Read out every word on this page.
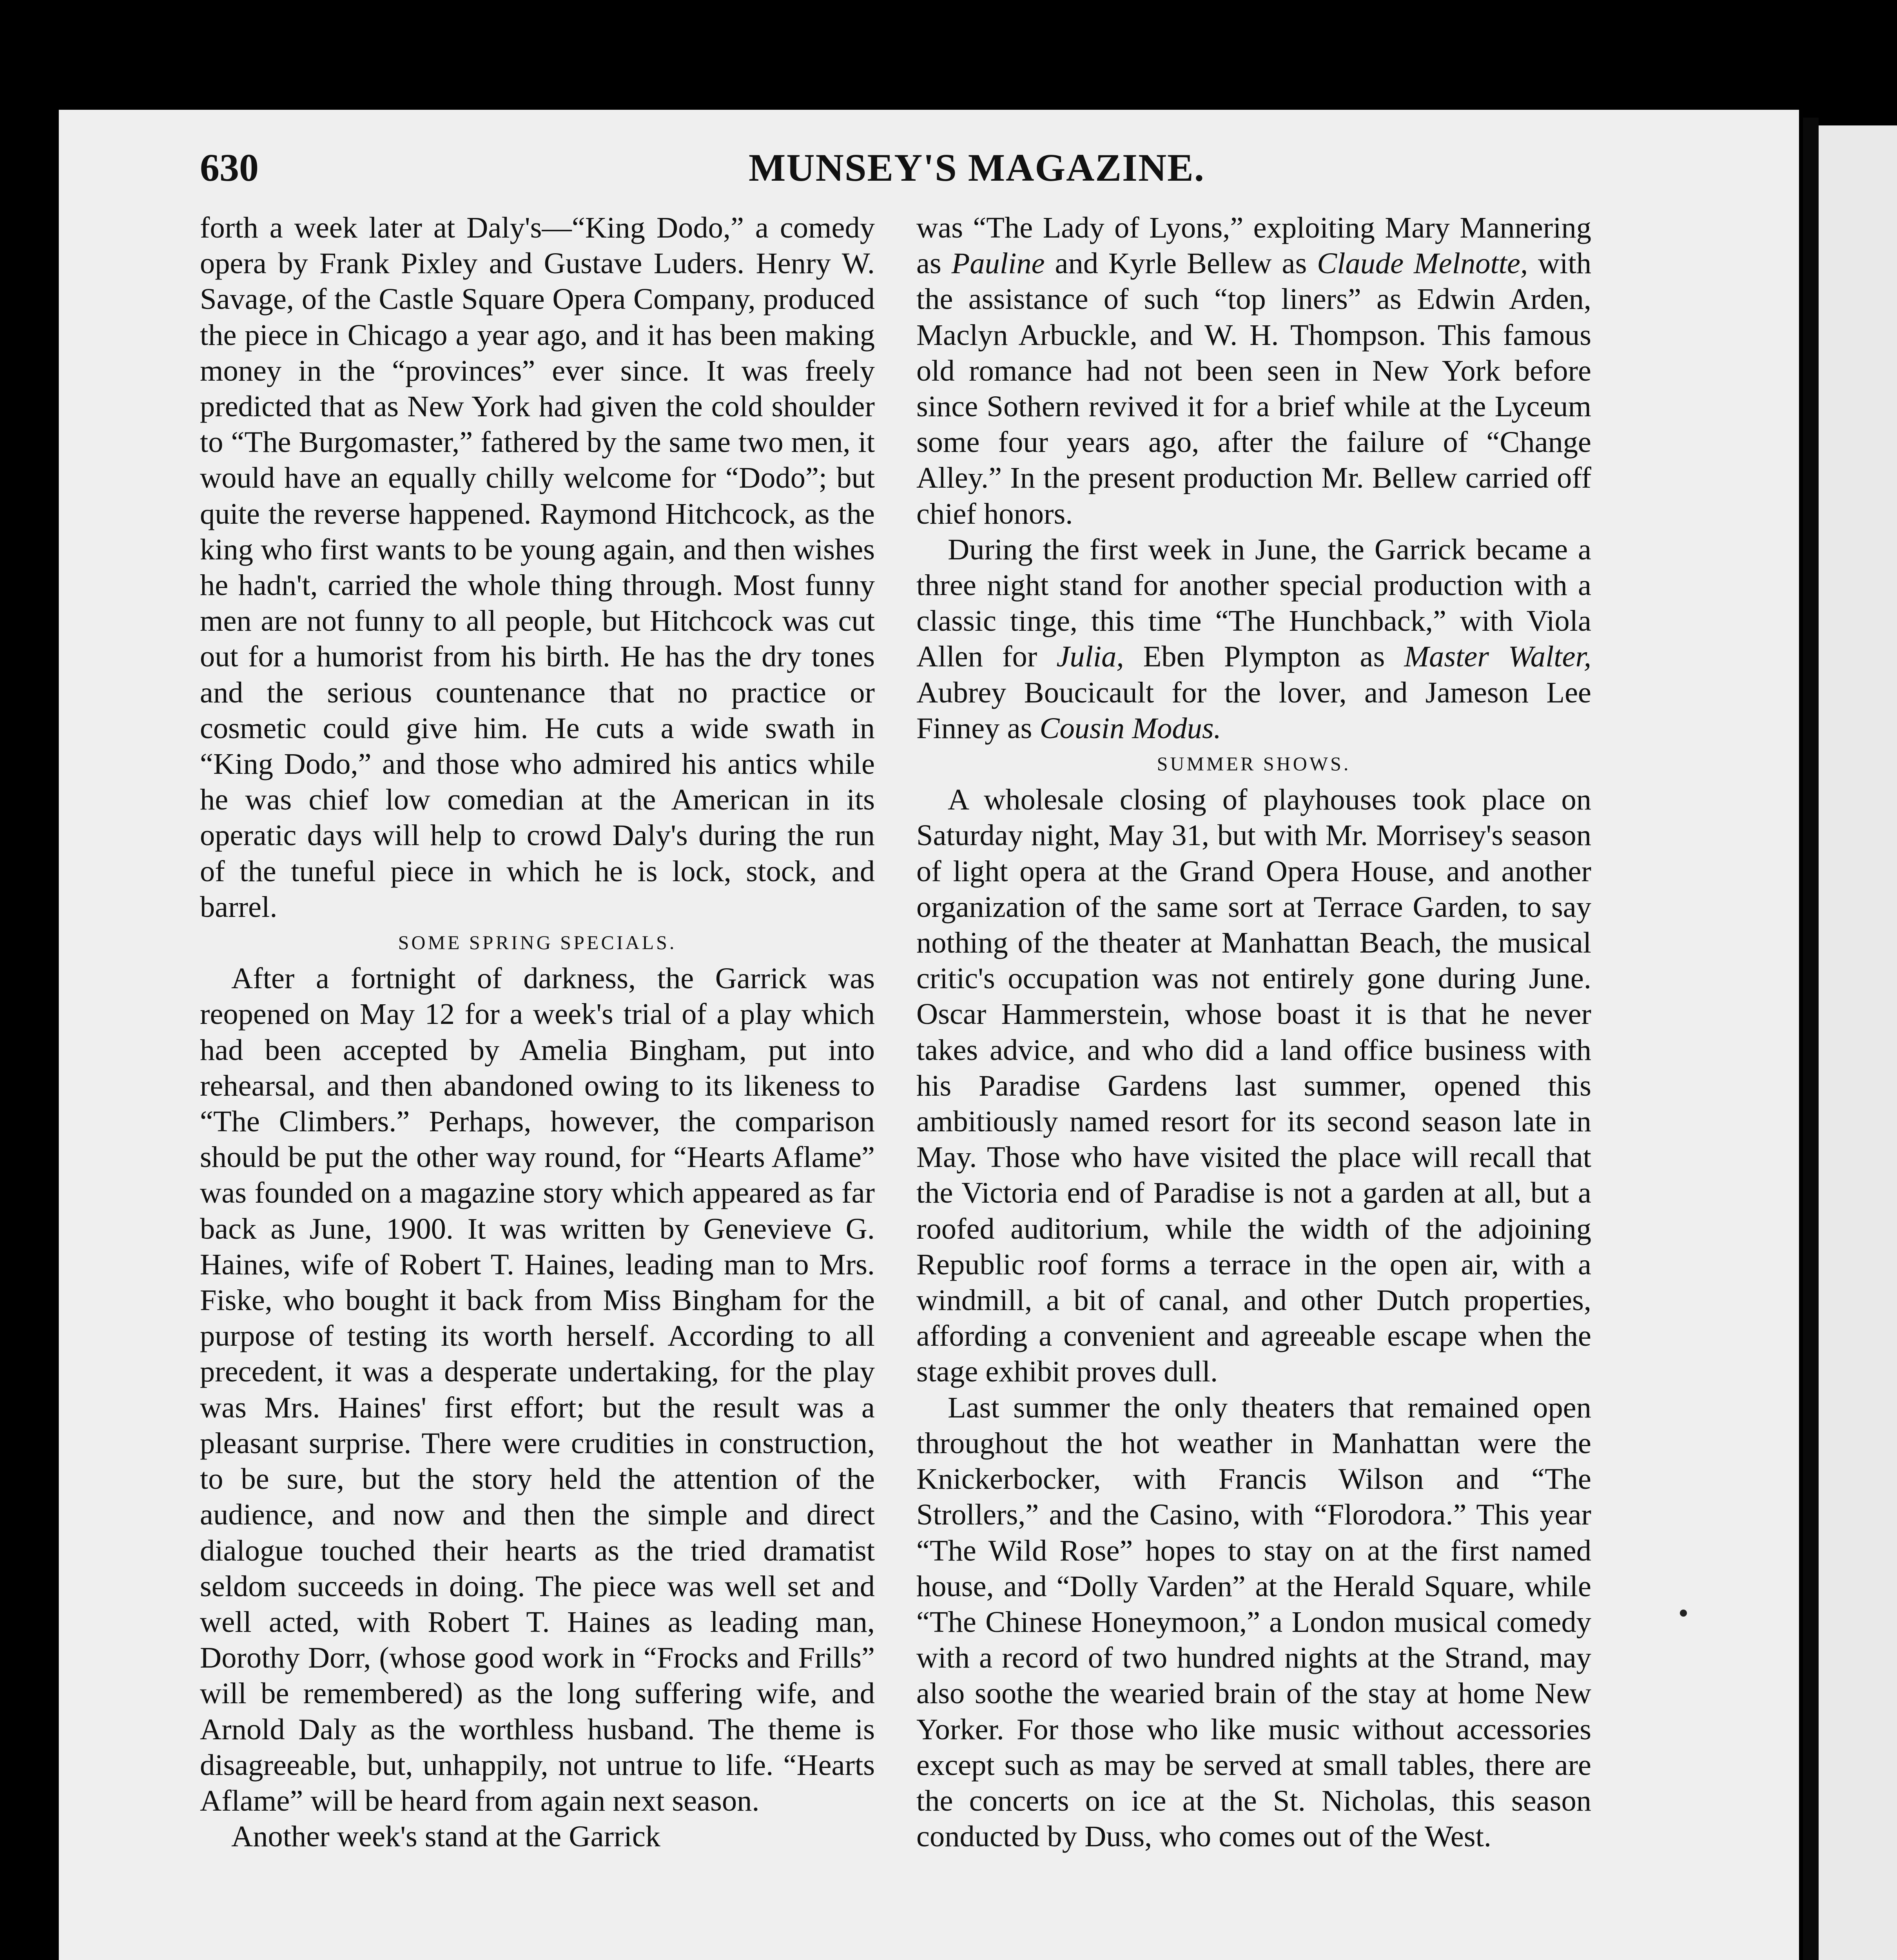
630	MUNSEY'S MAGAZINE.

forth a week later at Daly's—“King Dodo,” a comedy opera by Frank Pixley and Gustave Luders. Henry W. Savage, of the Castle Square Opera Company, produced the piece in Chicago a year ago, and it has been making money in the “provinces” ever since. It was freely predicted that as New York had given the cold shoulder to “The Burgomaster,” fathered by the same two men, it would have an equally chilly welcome for “Dodo”; but quite the reverse happened. Raymond Hitchcock, as the king who first wants to be young again, and then wishes he hadn't, carried the whole thing through. Most funny men are not funny to all people, but Hitchcock was cut out for a humorist from his birth. He has the dry tones and the serious countenance that no practice or cosmetic could give him. He cuts a wide swath in “King Dodo,” and those who admired his antics while he was chief low comedian at the American in its operatic days will help to crowd Daly's during the run of the tuneful piece in which he is lock, stock, and barrel.

SOME SPRING SPECIALS.

After a fortnight of darkness, the Garrick was reopened on May 12 for a week's trial of a play which had been accepted by Amelia Bingham, put into rehearsal, and then abandoned owing to its likeness to “The Climbers.” Perhaps, however, the comparison should be put the other way round, for “Hearts Aflame” was founded on a magazine story which appeared as far back as June, 1900. It was written by Genevieve G. Haines, wife of Robert T. Haines, leading man to Mrs. Fiske, who bought it back from Miss Bingham for the purpose of testing its worth herself. According to all precedent, it was a desperate undertaking, for the play was Mrs. Haines' first effort; but the result was a pleasant surprise. There were crudities in construction, to be sure, but the story held the attention of the audience, and now and then the simple and direct dialogue touched their hearts as the tried dramatist seldom succeeds in doing. The piece was well set and well acted, with Robert T. Haines as leading man, Dorothy Dorr, (whose good work in “Frocks and Frills” will be remembered) as the long suffering wife, and Arnold Daly as the worthless husband. The theme is disagreeable, but, unhappily, not untrue to life. “Hearts Aflame” will be heard from again next season.

Another week's stand at the Garrick

was “The Lady of Lyons,” exploiting Mary Mannering as Pauline and Kyrle Bellew as Claude Melnotte, with the assistance of such “top liners” as Edwin Arden, Maclyn Arbuckle, and W. H. Thompson. This famous old romance had not been seen in New York before since Sothern revived it for a brief while at the Lyceum some four years ago, after the failure of “Change Alley.” In the present production Mr. Bellew carried off chief honors.

During the first week in June, the Garrick became a three night stand for another special production with a classic tinge, this time “The Hunchback,” with Viola Allen for Julia, Eben Plympton as Master Walter, Aubrey Boucicault for the lover, and Jameson Lee Finney as Cousin Modus.

SUMMER SHOWS.

A wholesale closing of playhouses took place on Saturday night, May 31, but with Mr. Morrisey's season of light opera at the Grand Opera House, and another organization of the same sort at Terrace Garden, to say nothing of the theater at Manhattan Beach, the musical critic's occupation was not entirely gone during June. Oscar Hammerstein, whose boast it is that he never takes advice, and who did a land office business with his Paradise Gardens last summer, opened this ambitiously named resort for its second season late in May. Those who have visited the place will recall that the Victoria end of Paradise is not a garden at all, but a roofed auditorium, while the width of the adjoining Republic roof forms a terrace in the open air, with a windmill, a bit of canal, and other Dutch properties, affording a convenient and agreeable escape when the stage exhibit proves dull.

Last summer the only theaters that remained open throughout the hot weather in Manhattan were the Knickerbocker, with Francis Wilson and “The Strollers,” and the Casino, with “Florodora.” This year “The Wild Rose” hopes to stay on at the first named house, and “Dolly Varden” at the Herald Square, while “The Chinese Honeymoon,” a London musical comedy with a record of two hundred nights at the Strand, may also soothe the wearied brain of the stay at home New Yorker. For those who like music without accessories except such as may be served at small tables, there are the concerts on ice at the St. Nicholas, this season conducted by Duss, who comes out of the West.
